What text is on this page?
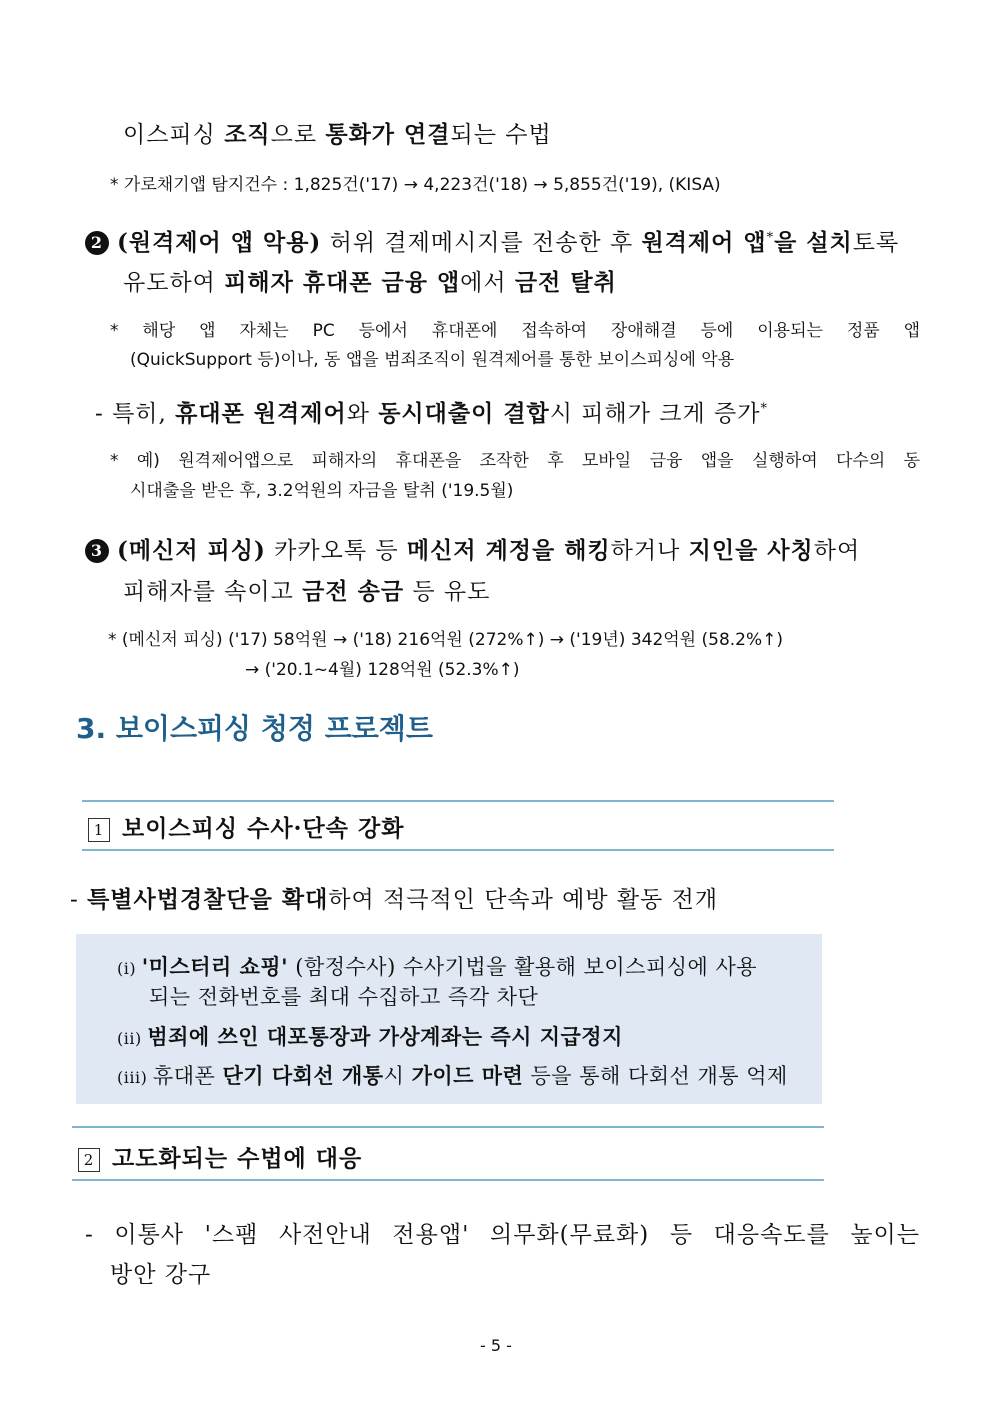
이스피싱 조직으로 통화가 연결되는 수법
* 가로채기앱 탐지건수 : 1,825건('17) → 4,223건('18) → 5,855건('19), (KISA)
2 (원격제어 앱 악용) 허위 결제메시지를 전송한 후 원격제어 앱*을 설치토록
유도하여 피해자 휴대폰 금융 앱에서 금전 탈취
* 해당 앱 자체는 PC 등에서 휴대폰에 접속하여 장애해결 등에 이용되는 정품 앱
(QuickSupport 등)이나, 동 앱을 범죄조직이 원격제어를 통한 보이스피싱에 악용
- 특히, 휴대폰 원격제어와 동시대출이 결합시 피해가 크게 증가*
* 예) 원격제어앱으로 피해자의 휴대폰을 조작한 후 모바일 금융 앱을 실행하여 다수의 동
시대출을 받은 후, 3.2억원의 자금을 탈취 ('19.5월)
3 (메신저 피싱) 카카오톡 등 메신저 계정을 해킹하거나 지인을 사칭하여
피해자를 속이고 금전 송금 등 유도
* (메신저 피싱) ('17) 58억원 → ('18) 216억원 (272%↑) → ('19년) 342억원 (58.2%↑)
→ ('20.1~4월) 128억원 (52.3%↑)
3. 보이스피싱 청정 프로젝트
1 보이스피싱 수사·단속 강화
- 특별사법경찰단을 확대하여 적극적인 단속과 예방 활동 전개
(i) '미스터리 쇼핑' (함정수사) 수사기법을 활용해 보이스피싱에 사용
되는 전화번호를 최대 수집하고 즉각 차단
(ii) 범죄에 쓰인 대포통장과 가상계좌는 즉시 지급정지
(iii) 휴대폰 단기 다회선 개통시 가이드 마련 등을 통해 다회선 개통 억제
2 고도화되는 수법에 대응
- 이통사 '스팸 사전안내 전용앱' 의무화(무료화) 등 대응속도를 높이는
방안 강구
- 5 -
